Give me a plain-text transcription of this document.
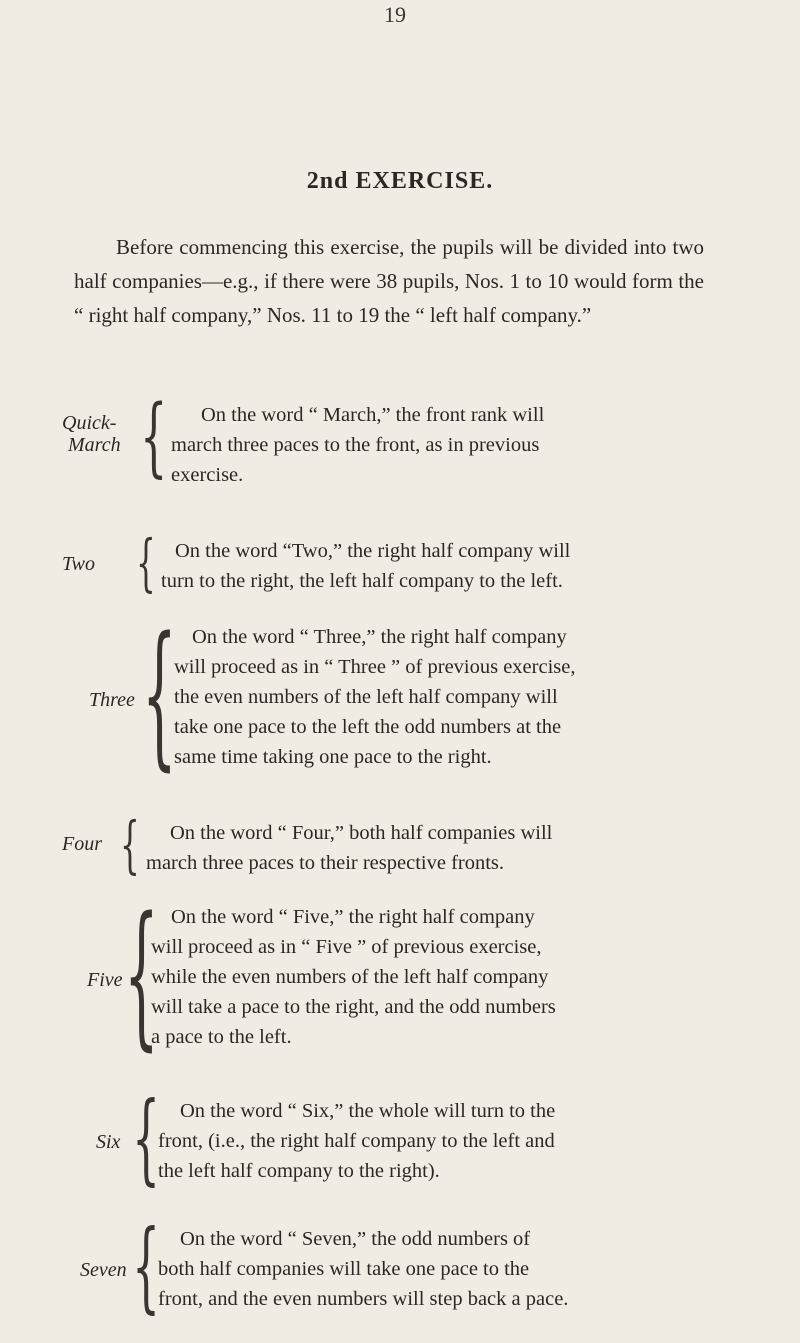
19
2nd EXERCISE.
Before commencing this exercise, the pupils will be divided into two half companies—e.g., if there were 38 pupils, Nos. 1 to 10 would form the “ right half company,” Nos. 11 to 19 the “ left half company.”
Quick-
March {	On the word “ March,” the front rank will
march three paces to the front, as in previous
exercise.
Two { On the word “Two,” the right half company will
turn to the right, the left half company to the left.
Three { On the word “ Three,” the right half company
will proceed as in “ Three ” of previous exercise,
the even numbers of the left half company will
take one pace to the left the odd numbers at the
same time taking one pace to the right.
Four {	On the word “ Four,” both half companies will
march three paces to their respective fronts.
Five { On the word “ Five,” the right half company
will proceed as in “ Five ” of previous exercise,
while the even numbers of the left half company
will take a pace to the right, and the odd numbers
a pace to the left.
Six { On the word “ Six,” the whole will turn to the
front, (i.e., the right half company to the left and
the left half company to the right).
Seven { On the word “ Seven,” the odd numbers of
both half companies will take one pace to the
front, and the even numbers will step back a pace.
